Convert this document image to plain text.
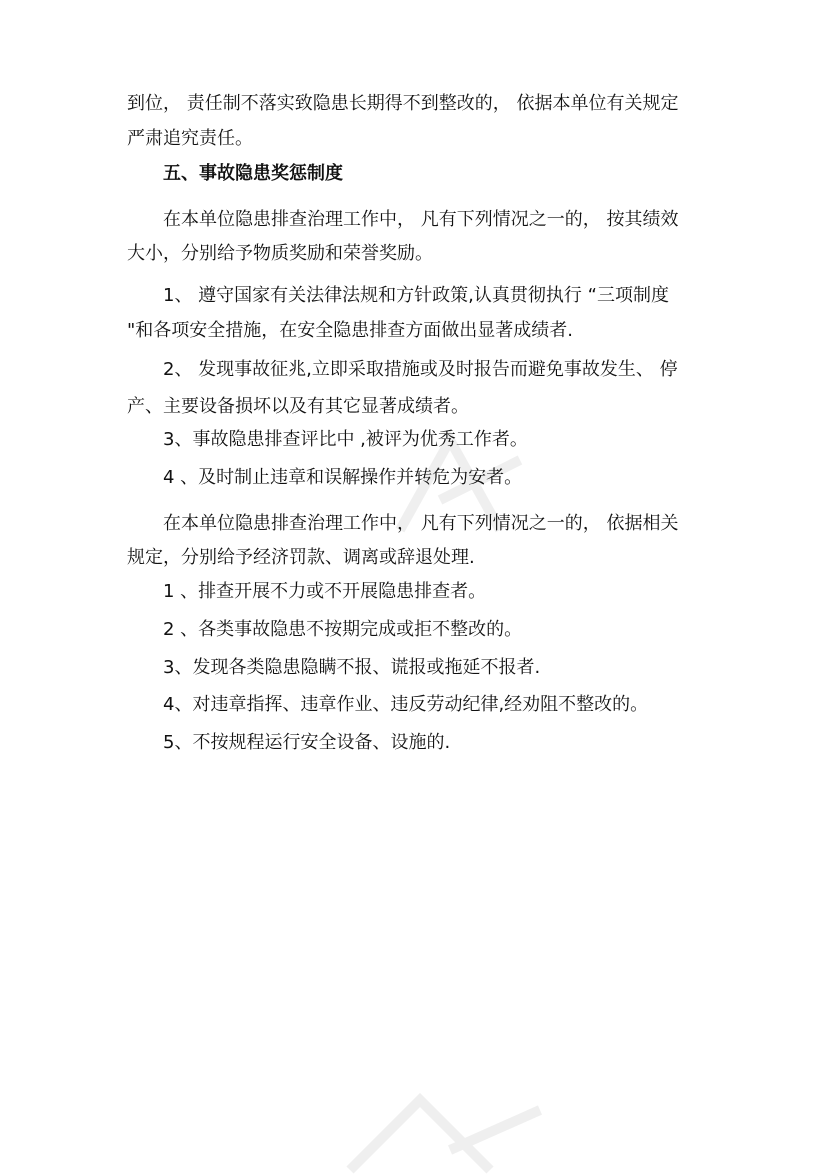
到位， 责任制不落实致隐患长期得不到整改的， 依据本单位有关规定
严肃追究责任。
五、事故隐患奖惩制度
在本单位隐患排查治理工作中， 凡有下列情况之一的， 按其绩效
大小，分别给予物质奖励和荣誉奖励。
1、 遵守国家有关法律法规和方针政策,认真贯彻执行 “三项制度
"和各项安全措施，在安全隐患排查方面做出显著成绩者.
2、 发现事故征兆,立即采取措施或及时报告而避免事故发生、 停
产、主要设备损坏以及有其它显著成绩者。
3、事故隐患排查评比中 ,被评为优秀工作者。
4 、及时制止违章和误解操作并转危为安者。
在本单位隐患排查治理工作中， 凡有下列情况之一的， 依据相关
规定，分别给予经济罚款、调离或辞退处理.
1 、排查开展不力或不开展隐患排查者。
2 、各类事故隐患不按期完成或拒不整改的。
3、发现各类隐患隐瞒不报、谎报或拖延不报者.
4、对违章指挥、违章作业、违反劳动纪律,经劝阻不整改的。
5、不按规程运行安全设备、设施的.
